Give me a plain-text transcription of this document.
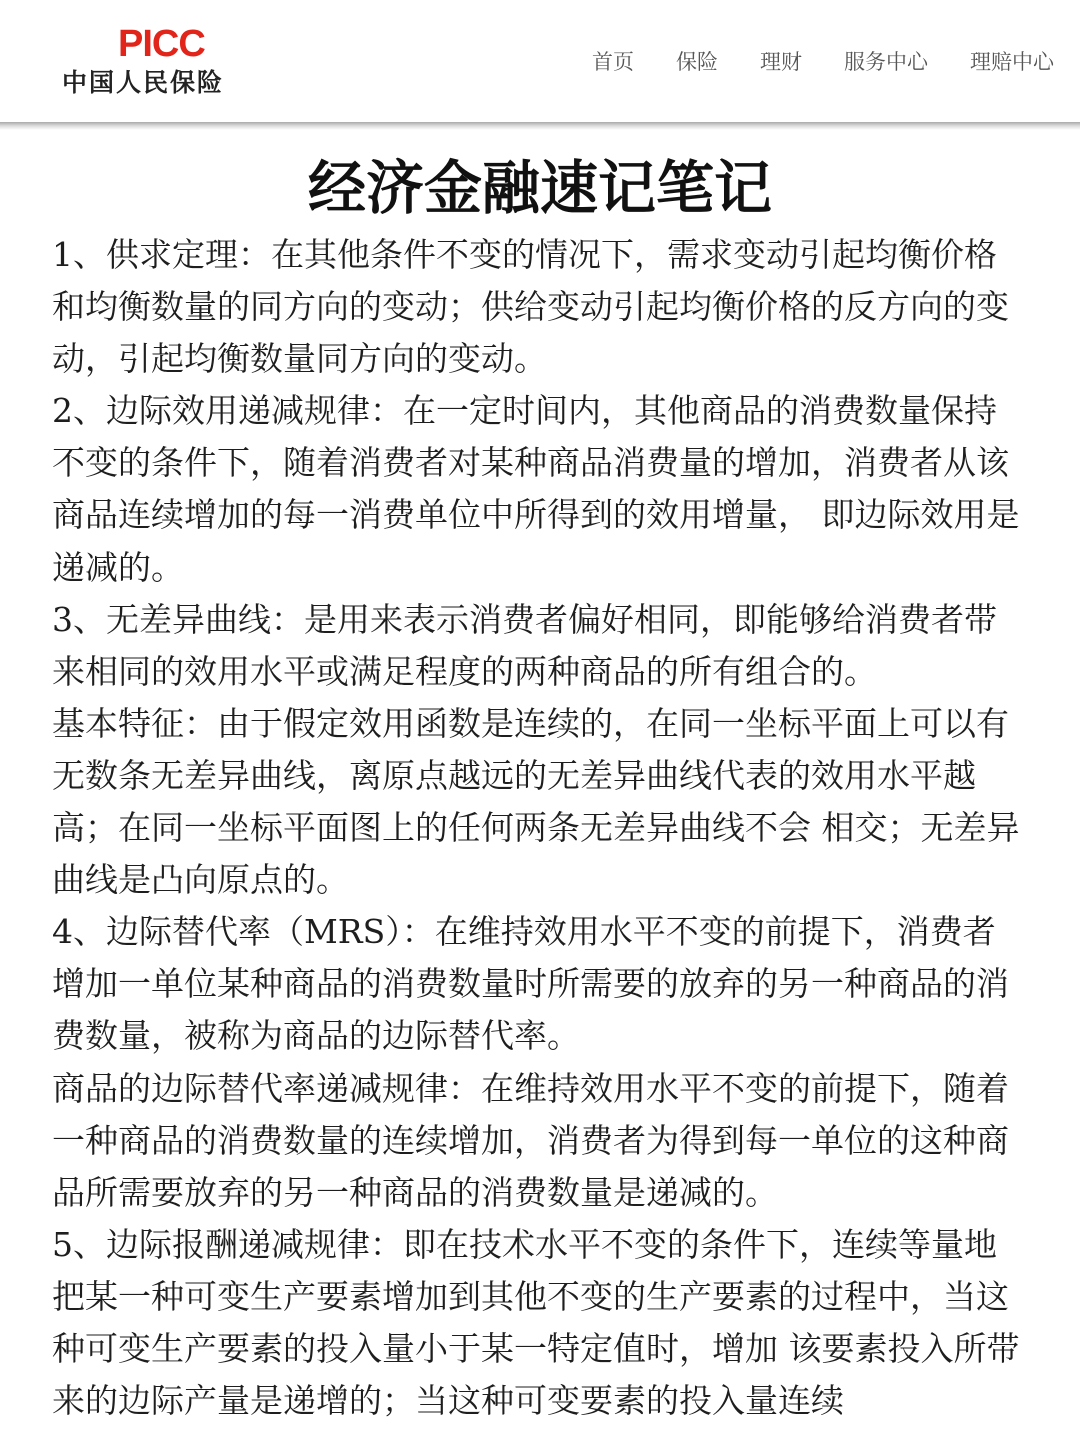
PICC
中国人民保险
首页 保险 理财 服务中心 理赔中心
经济金融速记笔记

1、供求定理：在其他条件不变的情况下，需求变动引起均衡价格和均衡数量的同方向的变动；供给变动引起均衡价格的反方向的变动，引起均衡数量同方向的变动。

2、边际效用递减规律：在一定时间内，其他商品的消费数量保持不变的条件下，随着消费者对某种商品消费量的增加，消费者从该商品连续增加的每一消费单位中所得到的效用增量， 即边际效用是递减的。

3、无差异曲线：是用来表示消费者偏好相同，即能够给消费者带来相同的效用水平或满足程度的两种商品的所有组合的。

基本特征：由于假定效用函数是连续的，在同一坐标平面上可以有无数条无差异曲线，离原点越远的无差异曲线代表的效用水平越高；在同一坐标平面图上的任何两条无差异曲线不会 相交；无差异曲线是凸向原点的。

4、边际替代率（MRS）：在维持效用水平不变的前提下，消费者增加一单位某种商品的消费数量时所需要的放弃的另一种商品的消费数量，被称为商品的边际替代率。

商品的边际替代率递减规律：在维持效用水平不变的前提下，随着一种商品的消费数量的连续增加，消费者为得到每一单位的这种商品所需要放弃的另一种商品的消费数量是递减的。

5、边际报酬递减规律：即在技术水平不变的条件下，连续等量地把某一种可变生产要素增加到其他不变的生产要素的过程中，当这种可变生产要素的投入量小于某一特定值时，增加 该要素投入所带来的边际产量是递增的；当这种可变要素的投入量连续
